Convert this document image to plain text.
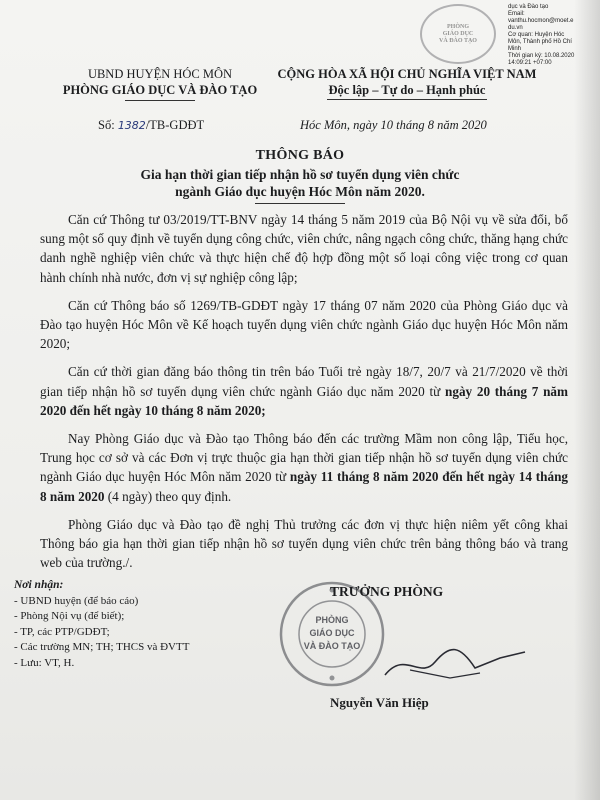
PHÒNG
GIÁO DỤC
VÀ ĐÀO TẠO
dục và Đào tạo
Email:
vanthu.hocmon@moet.e
du.vn
Cơ quan: Huyện Hóc
Môn, Thành phố Hồ Chí
Minh
Thời gian ký: 10.08.2020
14:09:21 +07:00
UBND HUYỆN HÓC MÔN
PHÒNG GIÁO DỤC VÀ ĐÀO TẠO
CỘNG HÒA XÃ HỘI CHỦ NGHĨA VIỆT NAM
Độc lập – Tự do – Hạnh phúc
Số: 1382/TB-GDĐT	Hóc Môn, ngày 10 tháng 8 năm 2020
THÔNG BÁO
Gia hạn thời gian tiếp nhận hồ sơ tuyển dụng viên chức
ngành Giáo dục huyện Hóc Môn năm 2020.

Căn cứ Thông tư 03/2019/TT-BNV ngày 14 tháng 5 năm 2019 của Bộ Nội vụ về sửa đổi, bổ sung một số quy định về tuyển dụng công chức, viên chức, nâng ngạch công chức, thăng hạng chức danh nghề nghiệp viên chức và thực hiện chế độ hợp đồng một số loại công việc trong cơ quan hành chính nhà nước, đơn vị sự nghiệp công lập;

Căn cứ Thông báo số 1269/TB-GDĐT ngày 17 tháng 07 năm 2020 của Phòng Giáo dục và Đào tạo huyện Hóc Môn về Kế hoạch tuyển dụng viên chức ngành Giáo dục huyện Hóc Môn năm 2020;

Căn cứ thời gian đăng báo thông tin trên báo Tuổi trẻ ngày 18/7, 20/7 và 21/7/2020 về thời gian tiếp nhận hồ sơ tuyển dụng viên chức ngành Giáo dục năm 2020 từ ngày 20 tháng 7 năm 2020 đến hết ngày 10 tháng 8 năm 2020;

Nay Phòng Giáo dục và Đào tạo Thông báo đến các trường Mầm non công lập, Tiểu học, Trung học cơ sở và các Đơn vị trực thuộc gia hạn thời gian tiếp nhận hồ sơ tuyển dụng viên chức ngành Giáo dục huyện Hóc Môn năm 2020 từ ngày 11 tháng 8 năm 2020 đến hết ngày 14 tháng 8 năm 2020 (4 ngày) theo quy định.

Phòng Giáo dục và Đào tạo đề nghị Thủ trưởng các đơn vị thực hiện niêm yết công khai Thông báo gia hạn thời gian tiếp nhận hồ sơ tuyển dụng viên chức trên bảng thông báo và trang web của trường./.

Nơi nhận:
- UBND huyện (để báo cáo)
- Phòng Nội vụ (để biết);
- TP, các PTP/GDĐT;
- Các trường MN; TH; THCS và ĐVTT
- Lưu: VT, H.
PHÒNG
GIÁO DỤC
VÀ ĐÀO TẠO
TRƯỞNG PHÒNG
Nguyễn Văn Hiệp
